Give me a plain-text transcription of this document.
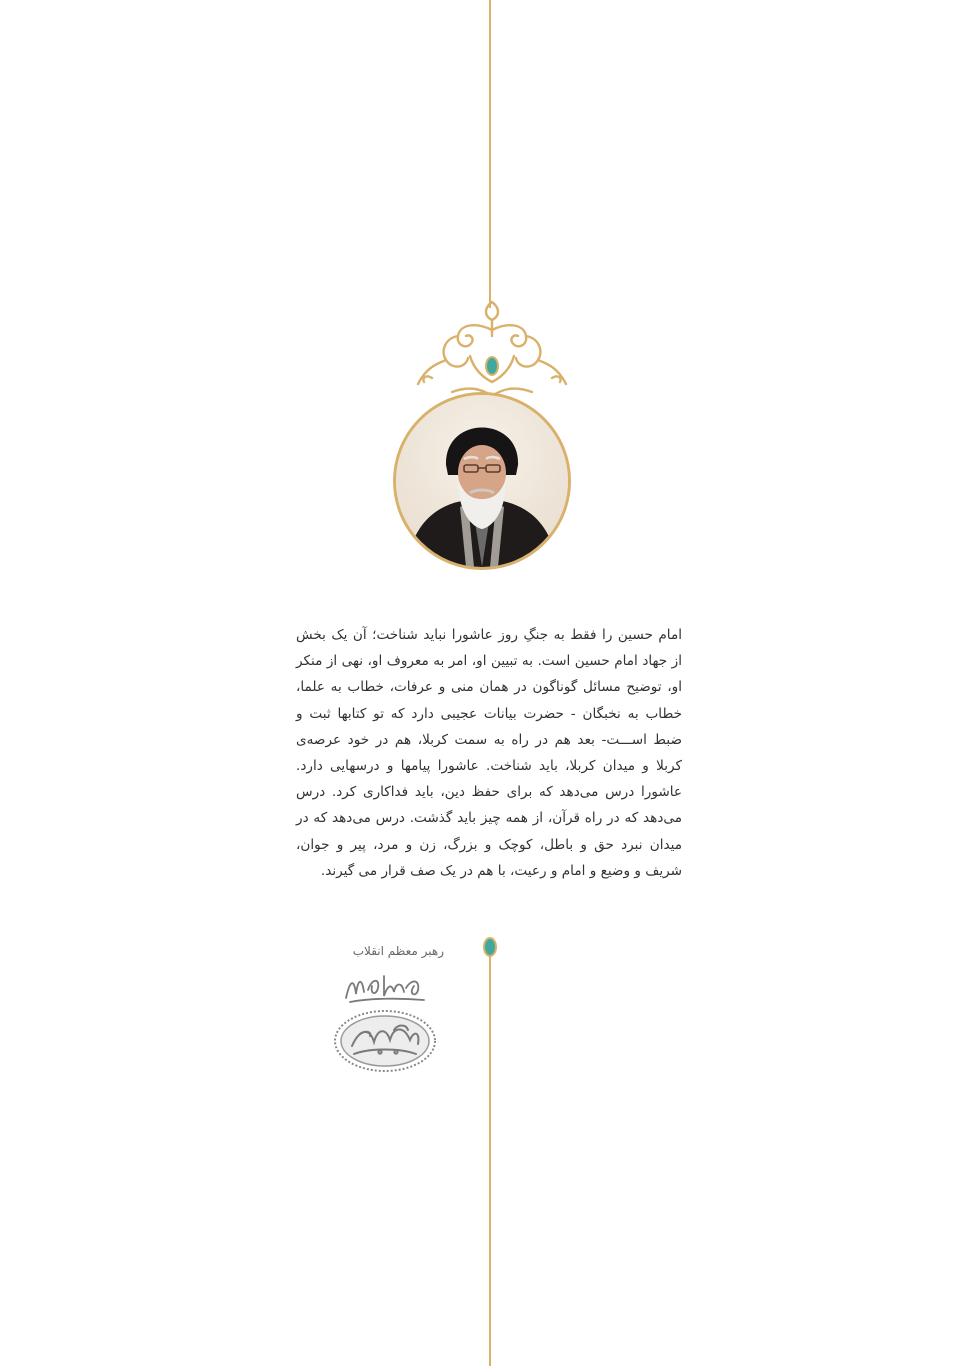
امام حسین را فقط به جنگِ روز عاشورا نباید شناخت؛ آن یک بخش از جهاد امام حسین است. به تبیین او، امر به معروف او، نهی از منکر او، توضیح مسائل گوناگون در همان منی و عرفات، خطاب به علما، خطاب به نخبگان - حضرت بیانات عجیبی دارد که تو کتابها ثبت و ضبط اســـت- بعد هم در راه به سمت کربلا، هم در خود عرصه‌ی کربلا و میدان کربلا، باید شناخت. عاشورا پیامها و درسهایی دارد. عاشورا درس می‌دهد که برای حفظ دین، باید فداکاری کرد. درس می‌دهد که در راه قرآن، از همه چیز باید گذشت. درس می‌دهد که در میدان نبرد حق و باطل، کوچک و بزرگ، زن و مرد، پیر و جوان، شریف و وضیع و امام و رعیت، با هم در یک صف قرار می گیرند.

رهبر معظم انقلاب
